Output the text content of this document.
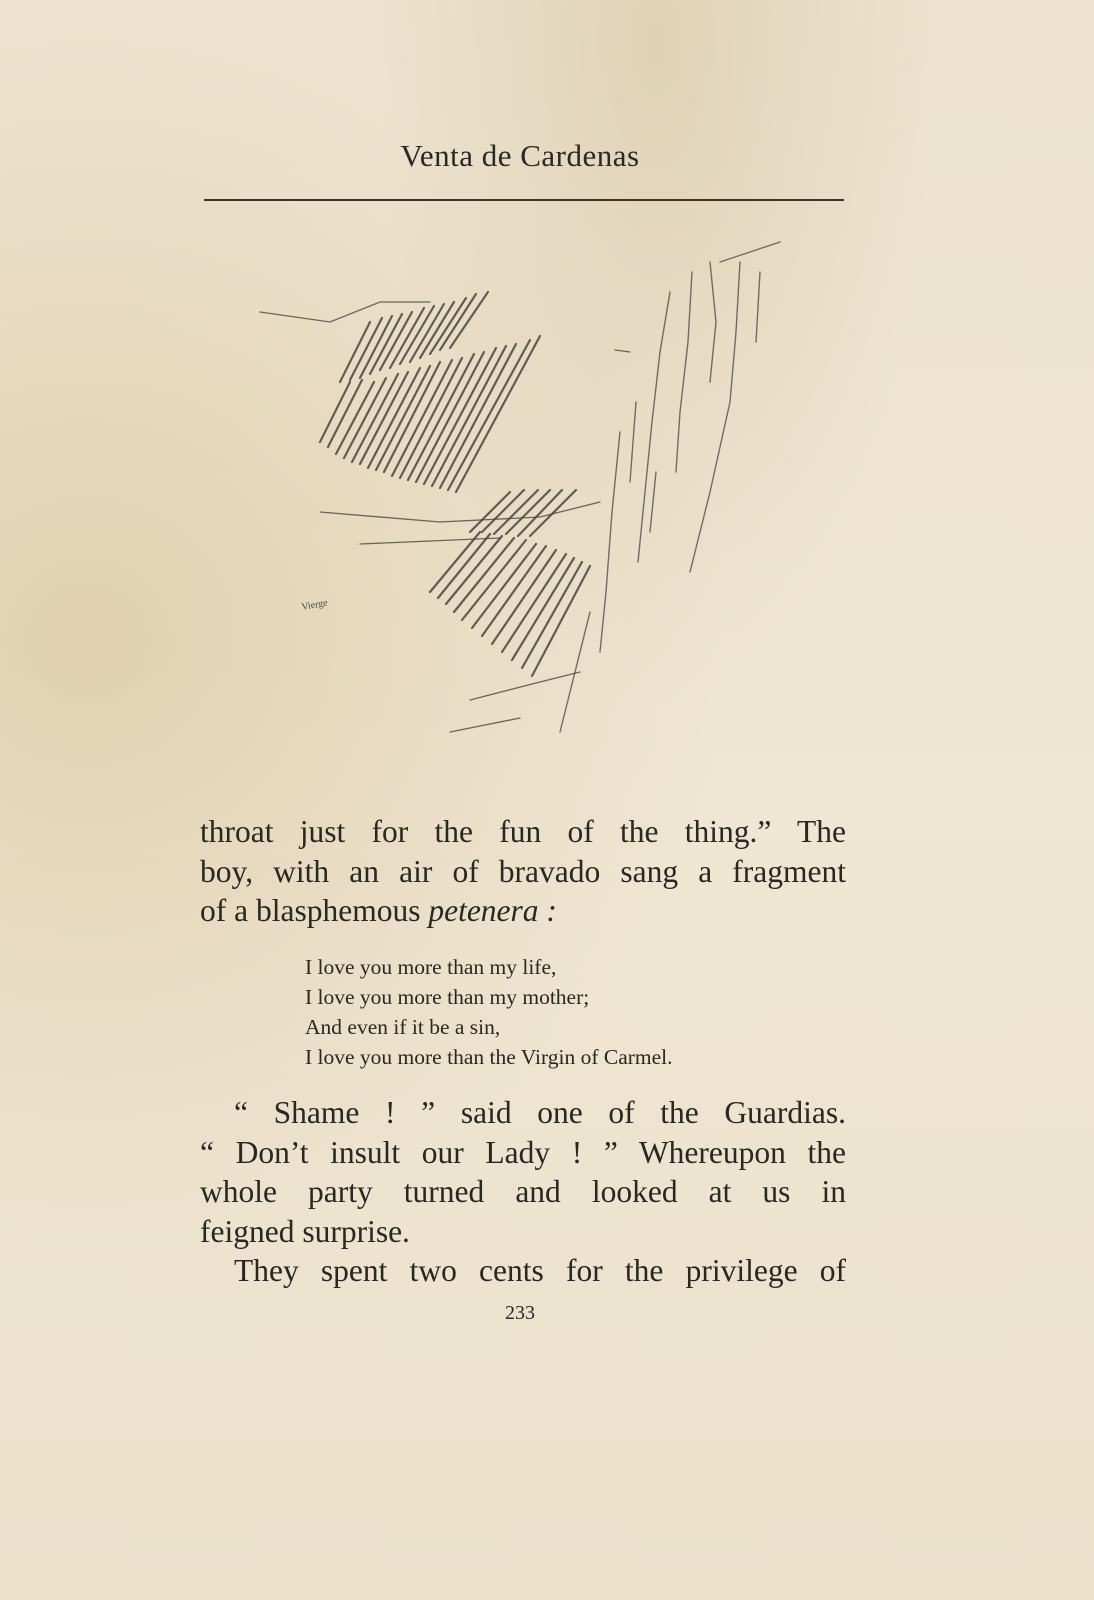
Venta de Cardenas
Vierge

throat just for the fun of the thing.” The
boy, with an air of bravado sang a fragment
of a blasphemous petenera :

I love you more than my life,
I love you more than my mother;
And even if it be a sin,
I love you more than the Virgin of Carmel.

“ Shame ! ” said one of the Guardias.
“ Don’t insult our Lady ! ” Whereupon the
whole party turned and looked at us in
feigned surprise.

They spent two cents for the privilege of

233
